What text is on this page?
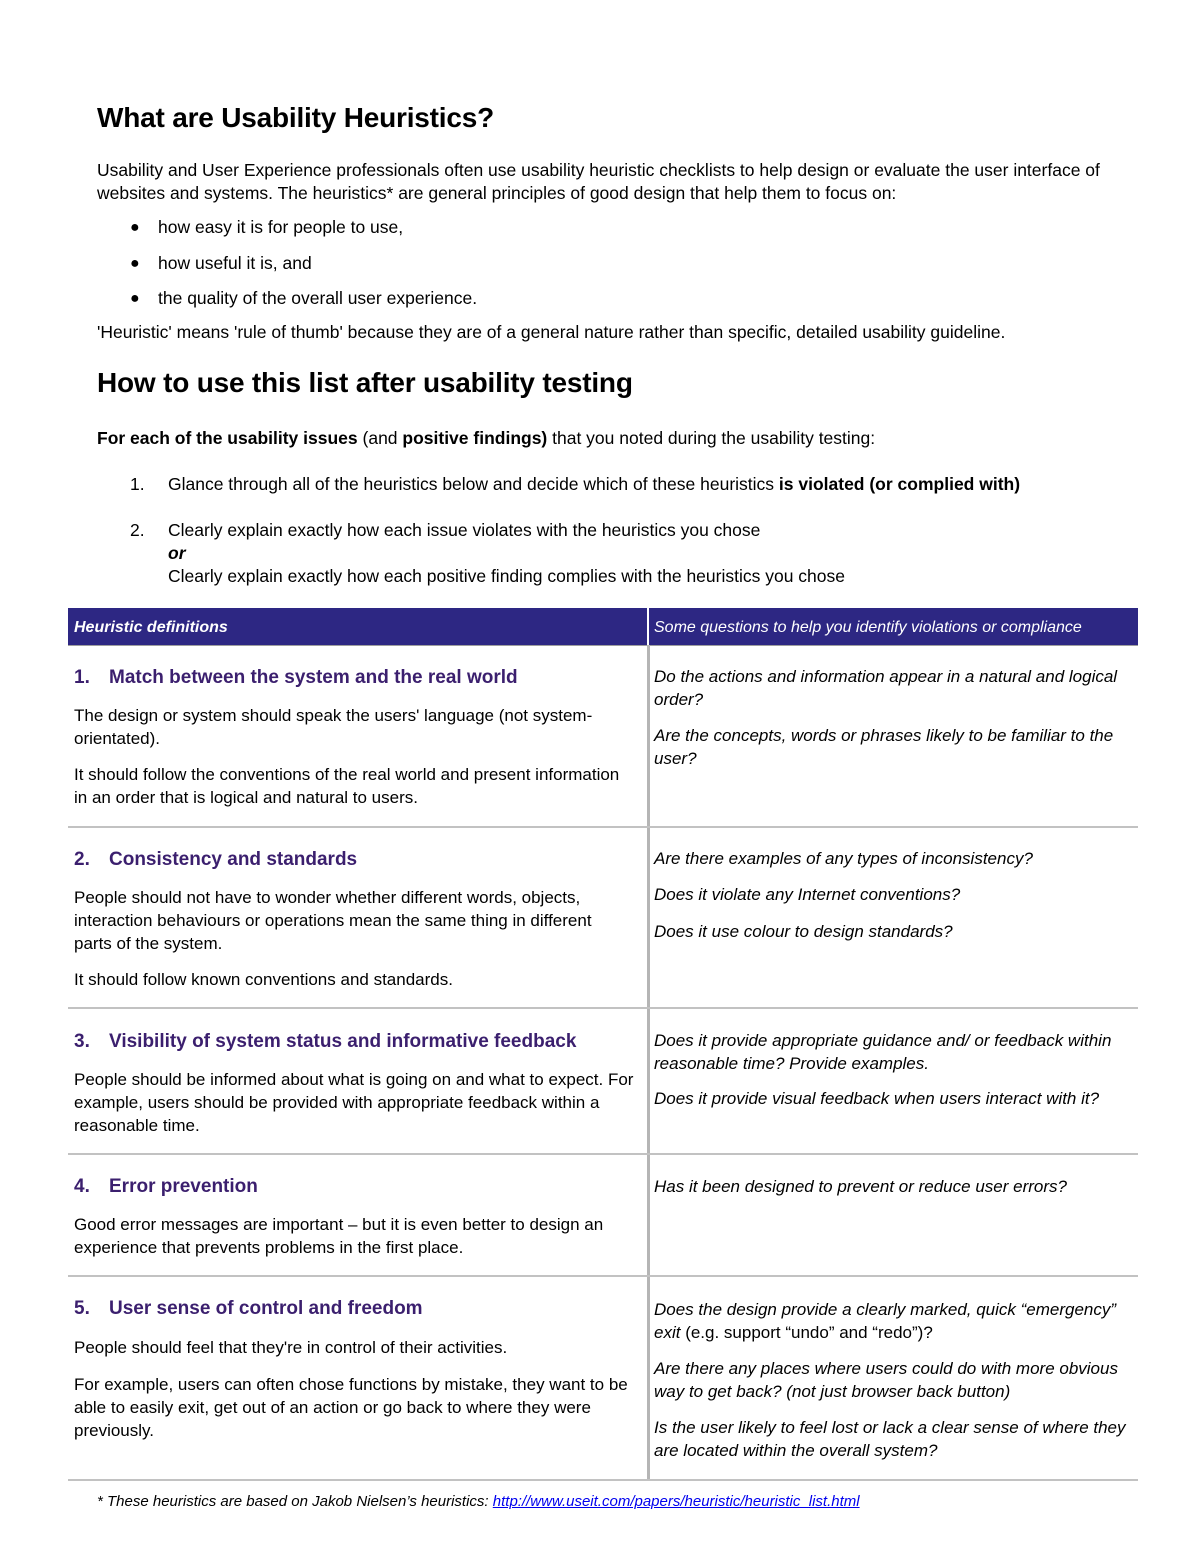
What are Usability Heuristics?

Usability and User Experience professionals often use usability heuristic checklists to help design or evaluate the user interface of websites and systems. The heuristics* are general principles of good design that help them to focus on:

● how easy it is for people to use,
● how useful it is, and
● the quality of the overall user experience.

'Heuristic' means 'rule of thumb' because they are of a general nature rather than specific, detailed usability guideline.

How to use this list after usability testing

For each of the usability issues (and positive findings) that you noted during the usability testing:

1. Glance through all of the heuristics below and decide which of these heuristics is violated (or complied with)
2. Clearly explain exactly how each issue violates with the heuristics you chose
or
Clearly explain exactly how each positive finding complies with the heuristics you chose
Heuristic definitions	Some questions to help you identify violations or compliance

1. Match between the system and the real world

The design or system should speak the users' language (not system-orientated).

It should follow the conventions of the real world and present information in an order that is logical and natural to users.

Do the actions and information appear in a natural and logical order?

Are the concepts, words or phrases likely to be familiar to the user?

2. Consistency and standards

People should not have to wonder whether different words, objects, interaction behaviours or operations mean the same thing in different parts of the system.

It should follow known conventions and standards.

Are there examples of any types of inconsistency?

Does it violate any Internet conventions?

Does it use colour to design standards?

3. Visibility of system status and informative feedback

People should be informed about what is going on and what to expect. For example, users should be provided with appropriate feedback within a reasonable time.

Does it provide appropriate guidance and/ or feedback within reasonable time? Provide examples.

Does it provide visual feedback when users interact with it?

4. Error prevention

Good error messages are important – but it is even better to design an experience that prevents problems in the first place.

Has it been designed to prevent or reduce user errors?

5. User sense of control and freedom

People should feel that they're in control of their activities.

For example, users can often chose functions by mistake, they want to be able to easily exit, get out of an action or go back to where they were previously.

Does the design provide a clearly marked, quick “emergency” exit (e.g. support “undo” and “redo”)?

Are there any places where users could do with more obvious way to get back? (not just browser back button)

Is the user likely to feel lost or lack a clear sense of where they are located within the overall system?

* These heuristics are based on Jakob Nielsen’s heuristics: http://www.useit.com/papers/heuristic/heuristic_list.html
